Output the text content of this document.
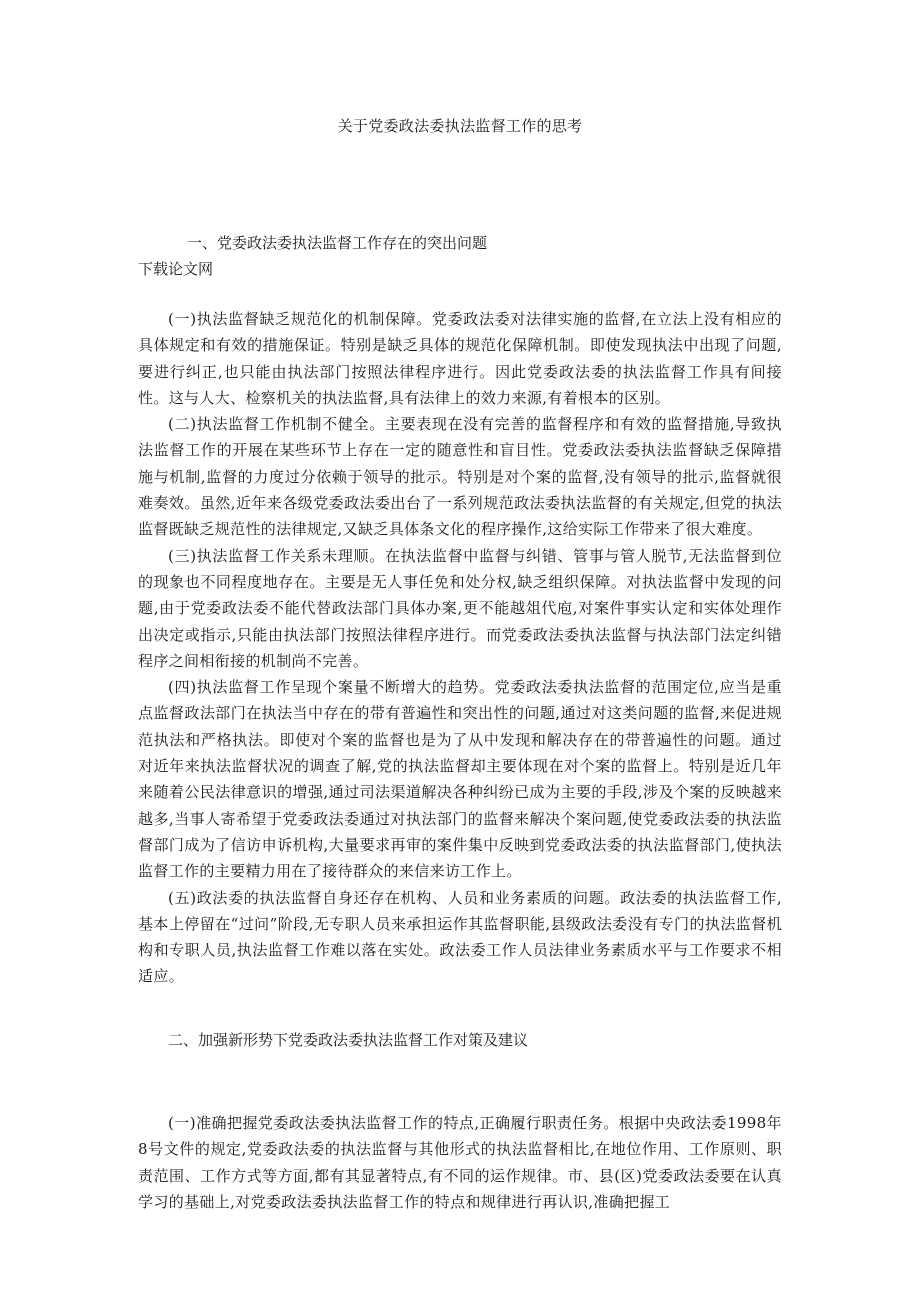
关于党委政法委执法监督工作的思考
一、党委政法委执法监督工作存在的突出问题
下载论文网

(一)执法监督缺乏规范化的机制保障。党委政法委对法律实施的监督,在立法上没有相应的具体规定和有效的措施保证。特别是缺乏具体的规范化保障机制。即使发现执法中出现了问题,要进行纠正,也只能由执法部门按照法律程序进行。因此党委政法委的执法监督工作具有间接性。这与人大、检察机关的执法监督,具有法律上的效力来源,有着根本的区别。

(二)执法监督工作机制不健全。主要表现在没有完善的监督程序和有效的监督措施,导致执法监督工作的开展在某些环节上存在一定的随意性和盲目性。党委政法委执法监督缺乏保障措施与机制,监督的力度过分依赖于领导的批示。特别是对个案的监督,没有领导的批示,监督就很难奏效。虽然,近年来各级党委政法委出台了一系列规范政法委执法监督的有关规定,但党的执法监督既缺乏规范性的法律规定,又缺乏具体条文化的程序操作,这给实际工作带来了很大难度。

(三)执法监督工作关系未理顺。在执法监督中监督与纠错、管事与管人脱节,无法监督到位的现象也不同程度地存在。主要是无人事任免和处分权,缺乏组织保障。对执法监督中发现的问题,由于党委政法委不能代替政法部门具体办案,更不能越俎代庖,对案件事实认定和实体处理作出决定或指示,只能由执法部门按照法律程序进行。而党委政法委执法监督与执法部门法定纠错程序之间相衔接的机制尚不完善。

(四)执法监督工作呈现个案量不断增大的趋势。党委政法委执法监督的范围定位,应当是重点监督政法部门在执法当中存在的带有普遍性和突出性的问题,通过对这类问题的监督,来促进规范执法和严格执法。即使对个案的监督也是为了从中发现和解决存在的带普遍性的问题。通过对近年来执法监督状况的调查了解,党的执法监督却主要体现在对个案的监督上。特别是近几年来随着公民法律意识的增强,通过司法渠道解决各种纠纷已成为主要的手段,涉及个案的反映越来越多,当事人寄希望于党委政法委通过对执法部门的监督来解决个案问题,使党委政法委的执法监督部门成为了信访申诉机构,大量要求再审的案件集中反映到党委政法委的执法监督部门,使执法监督工作的主要精力用在了接待群众的来信来访工作上。

(五)政法委的执法监督自身还存在机构、人员和业务素质的问题。政法委的执法监督工作,基本上停留在“过问”阶段,无专职人员来承担运作其监督职能,县级政法委没有专门的执法监督机构和专职人员,执法监督工作难以落在实处。政法委工作人员法律业务素质水平与工作要求不相适应。

二、加强新形势下党委政法委执法监督工作对策及建议

(一)准确把握党委政法委执法监督工作的特点,正确履行职责任务。根据中央政法委1998年8号文件的规定,党委政法委的执法监督与其他形式的执法监督相比,在地位作用、工作原则、职责范围、工作方式等方面,都有其显著特点,有不同的运作规律。市、县(区)党委政法委要在认真学习的基础上,对党委政法委执法监督工作的特点和规律进行再认识,准确把握工
